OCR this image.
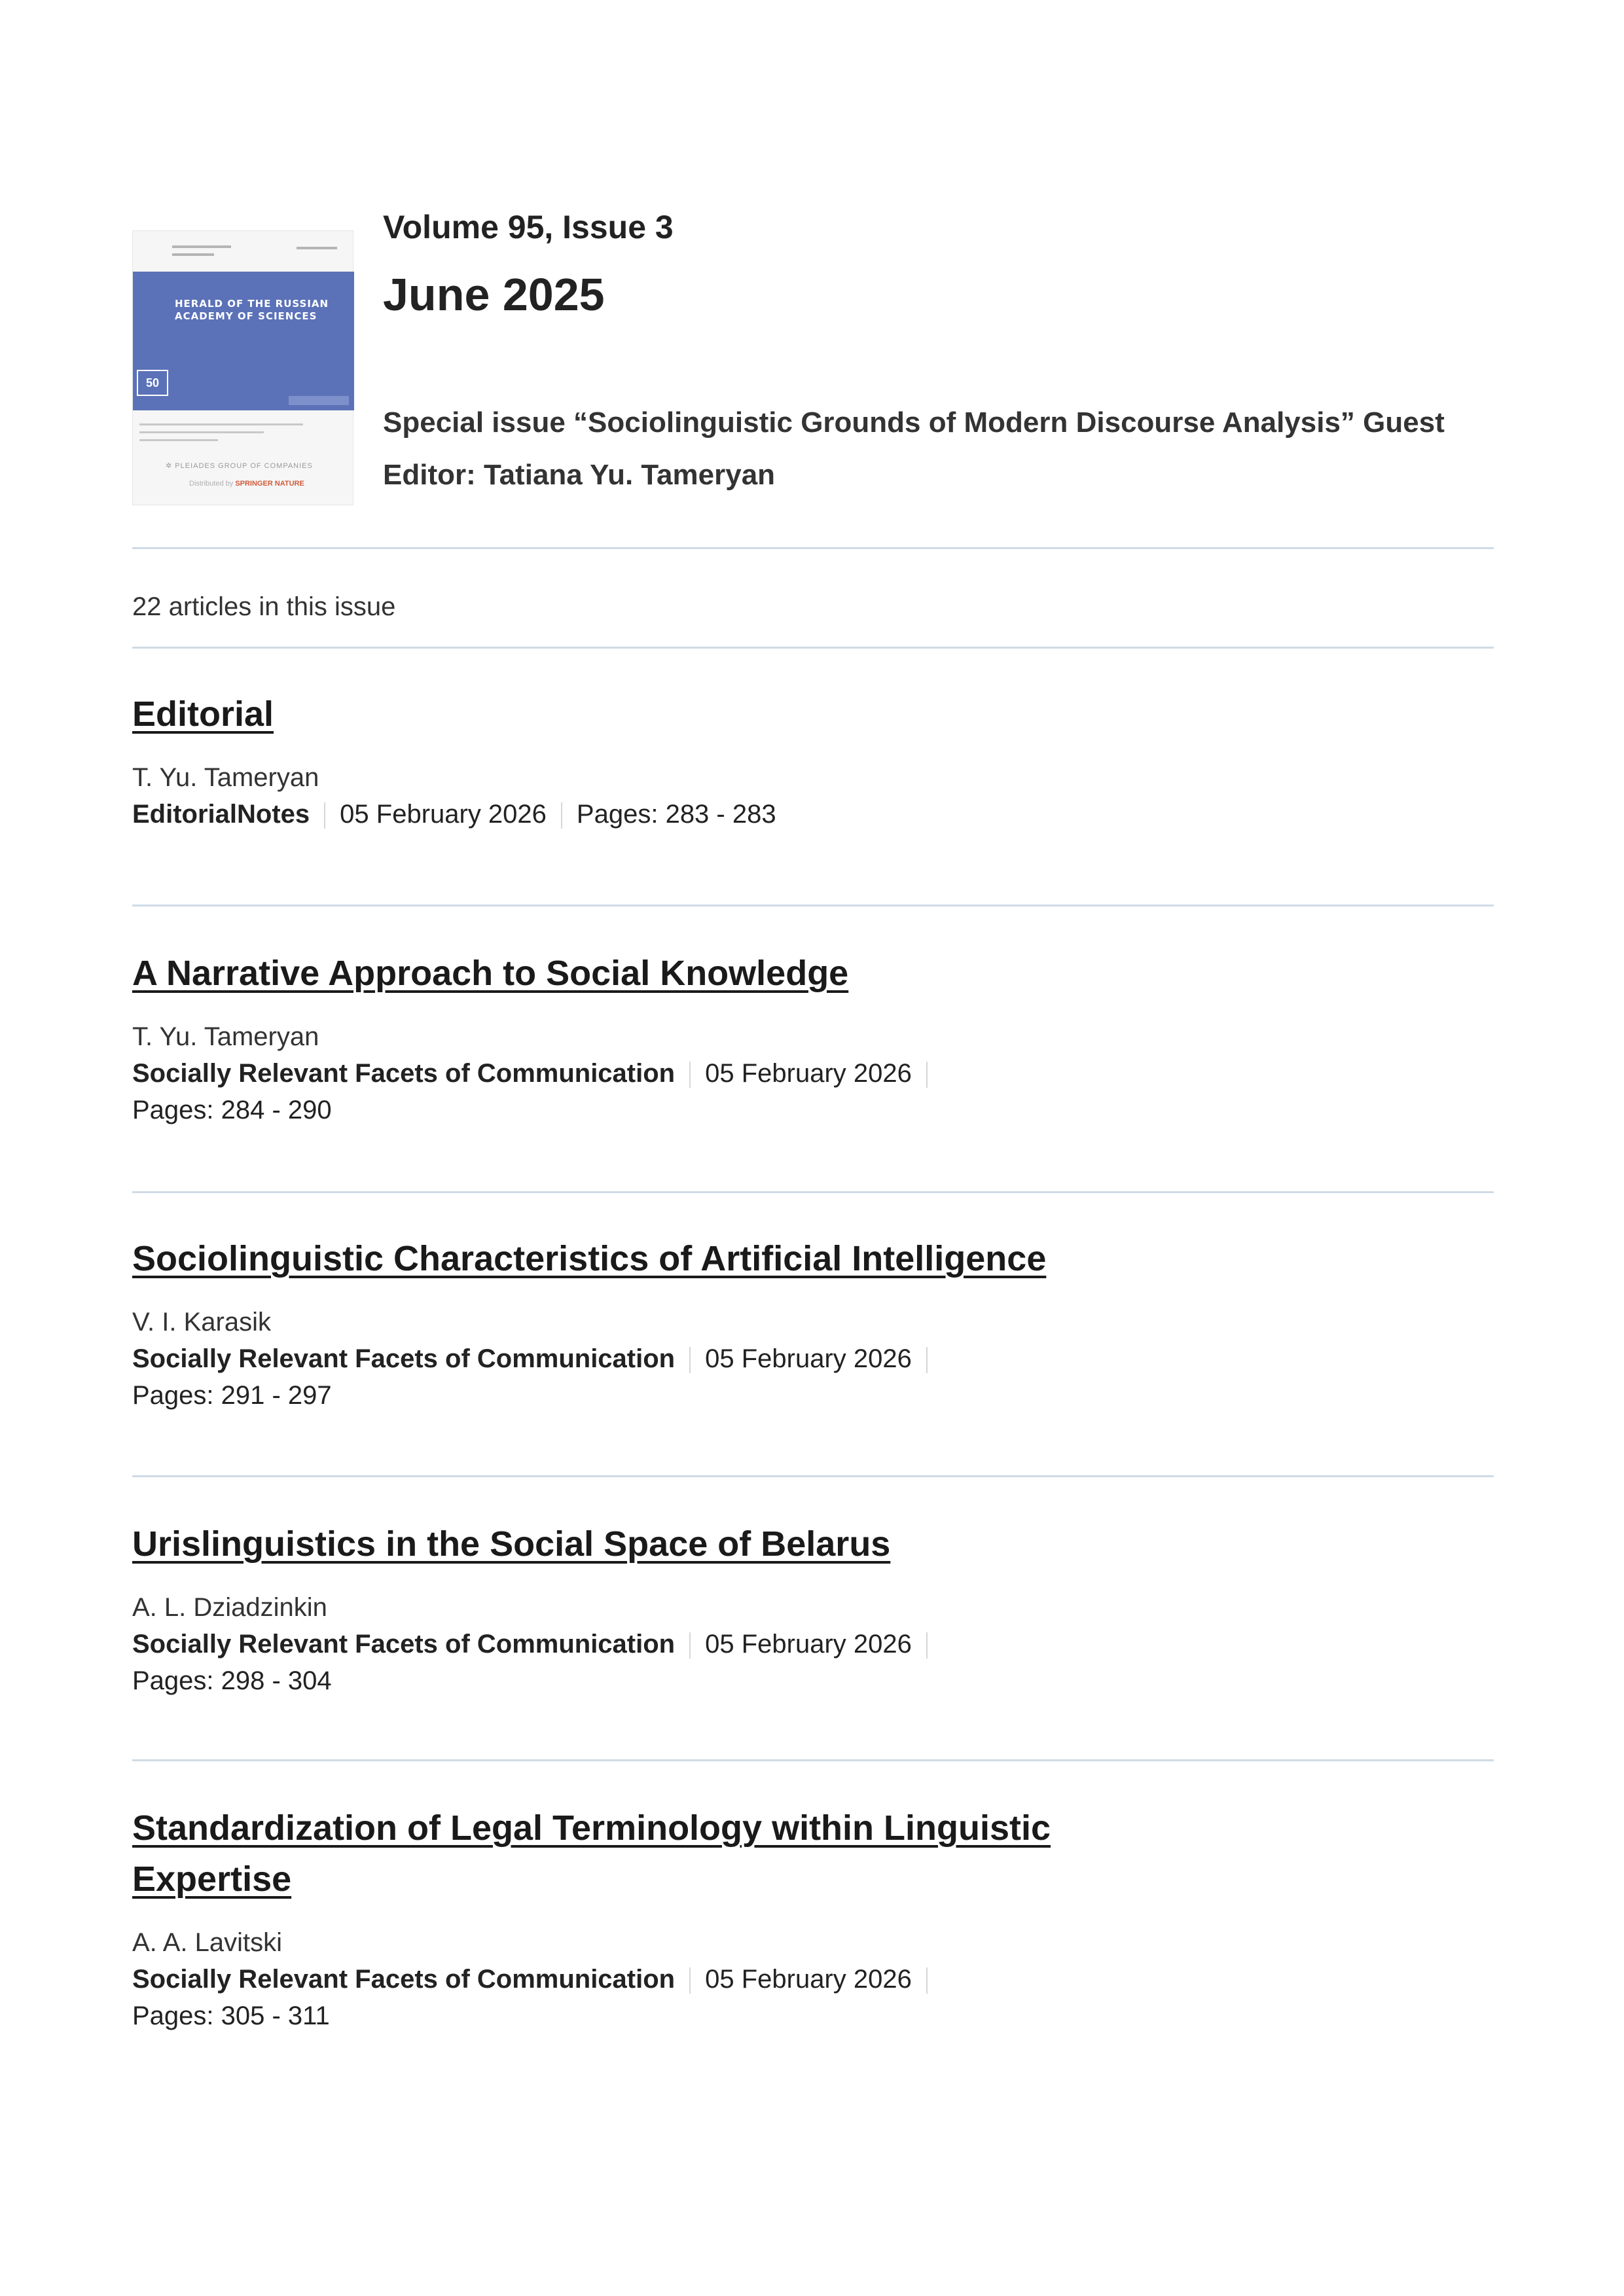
HERALD OF THE RUSSIAN ACADEMY OF SCIENCES
50
✲ PLEIADES GROUP OF COMPANIES
Distributed by SPRINGER NATURE
Volume 95, Issue 3
June 2025
Special issue “Sociolinguistic Grounds of Modern Discourse Analysis” Guest Editor: Tatiana Yu. Tameryan
22 articles in this issue
Editorial
T. Yu. Tameryan
EditorialNotes 05 February 2026 Pages: 283 - 283
A Narrative Approach to Social Knowledge
T. Yu. Tameryan
Socially Relevant Facets of Communication 05 February 2026
Pages: 284 - 290
Sociolinguistic Characteristics of Artificial Intelligence
V. I. Karasik
Socially Relevant Facets of Communication 05 February 2026
Pages: 291 - 297
Urislinguistics in the Social Space of Belarus
A. L. Dziadzinkin
Socially Relevant Facets of Communication 05 February 2026
Pages: 298 - 304
Standardization of Legal Terminology within Linguistic Expertise
A. A. Lavitski
Socially Relevant Facets of Communication 05 February 2026
Pages: 305 - 311
